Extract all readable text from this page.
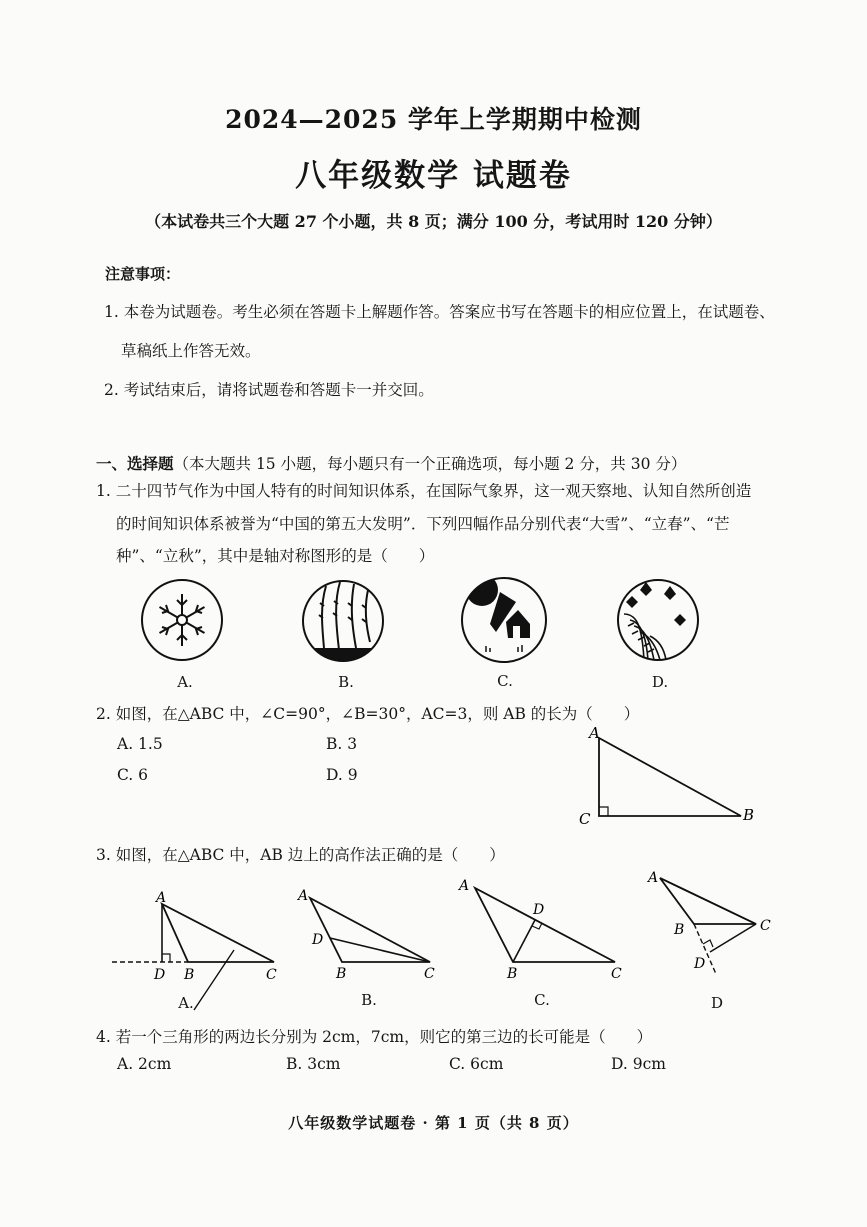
2024—2025 学年上学期期中检测
八年级数学 试题卷
（本试卷共三个大题 27 个小题，共 8 页；满分 100 分，考试用时 120 分钟）
注意事项：
1. 本卷为试题卷。考生必须在答题卡上解题作答。答案应书写在答题卡的相应位置上，在试题卷、
草稿纸上作答无效。
2. 考试结束后，请将试题卷和答题卡一并交回。
一、选择题（本大题共 15 小题，每小题只有一个正确选项，每小题 2 分，共 30 分）
1. 二十四节气作为中国人特有的时间知识体系，在国际气象界，这一观天察地、认知自然所创造
的时间知识体系被誉为“中国的第五大发明”．下列四幅作品分别代表“大雪”、“立春”、“芒
种”、“立秋”，其中是轴对称图形的是（　　）
A.	B.	C.	D.
2. 如图，在△ABC 中，∠C=90°，∠B=30°，AC=3，则 AB 的长为（　　）
A. 1.5	B. 3
C. 6	D. 9
A
C	B
3. 如图，在△ABC 中，AB 边上的高作法正确的是（　　）
A
D B	C
A.
A
D
B	C
B.
A
D
B	C
C.
A
B	C
D
D
4. 若一个三角形的两边长分别为 2cm，7cm，则它的第三边的长可能是（　　）
A. 2cm	B. 3cm	C. 6cm	D. 9cm
八年级数学试题卷 · 第 1 页（共 8 页）
